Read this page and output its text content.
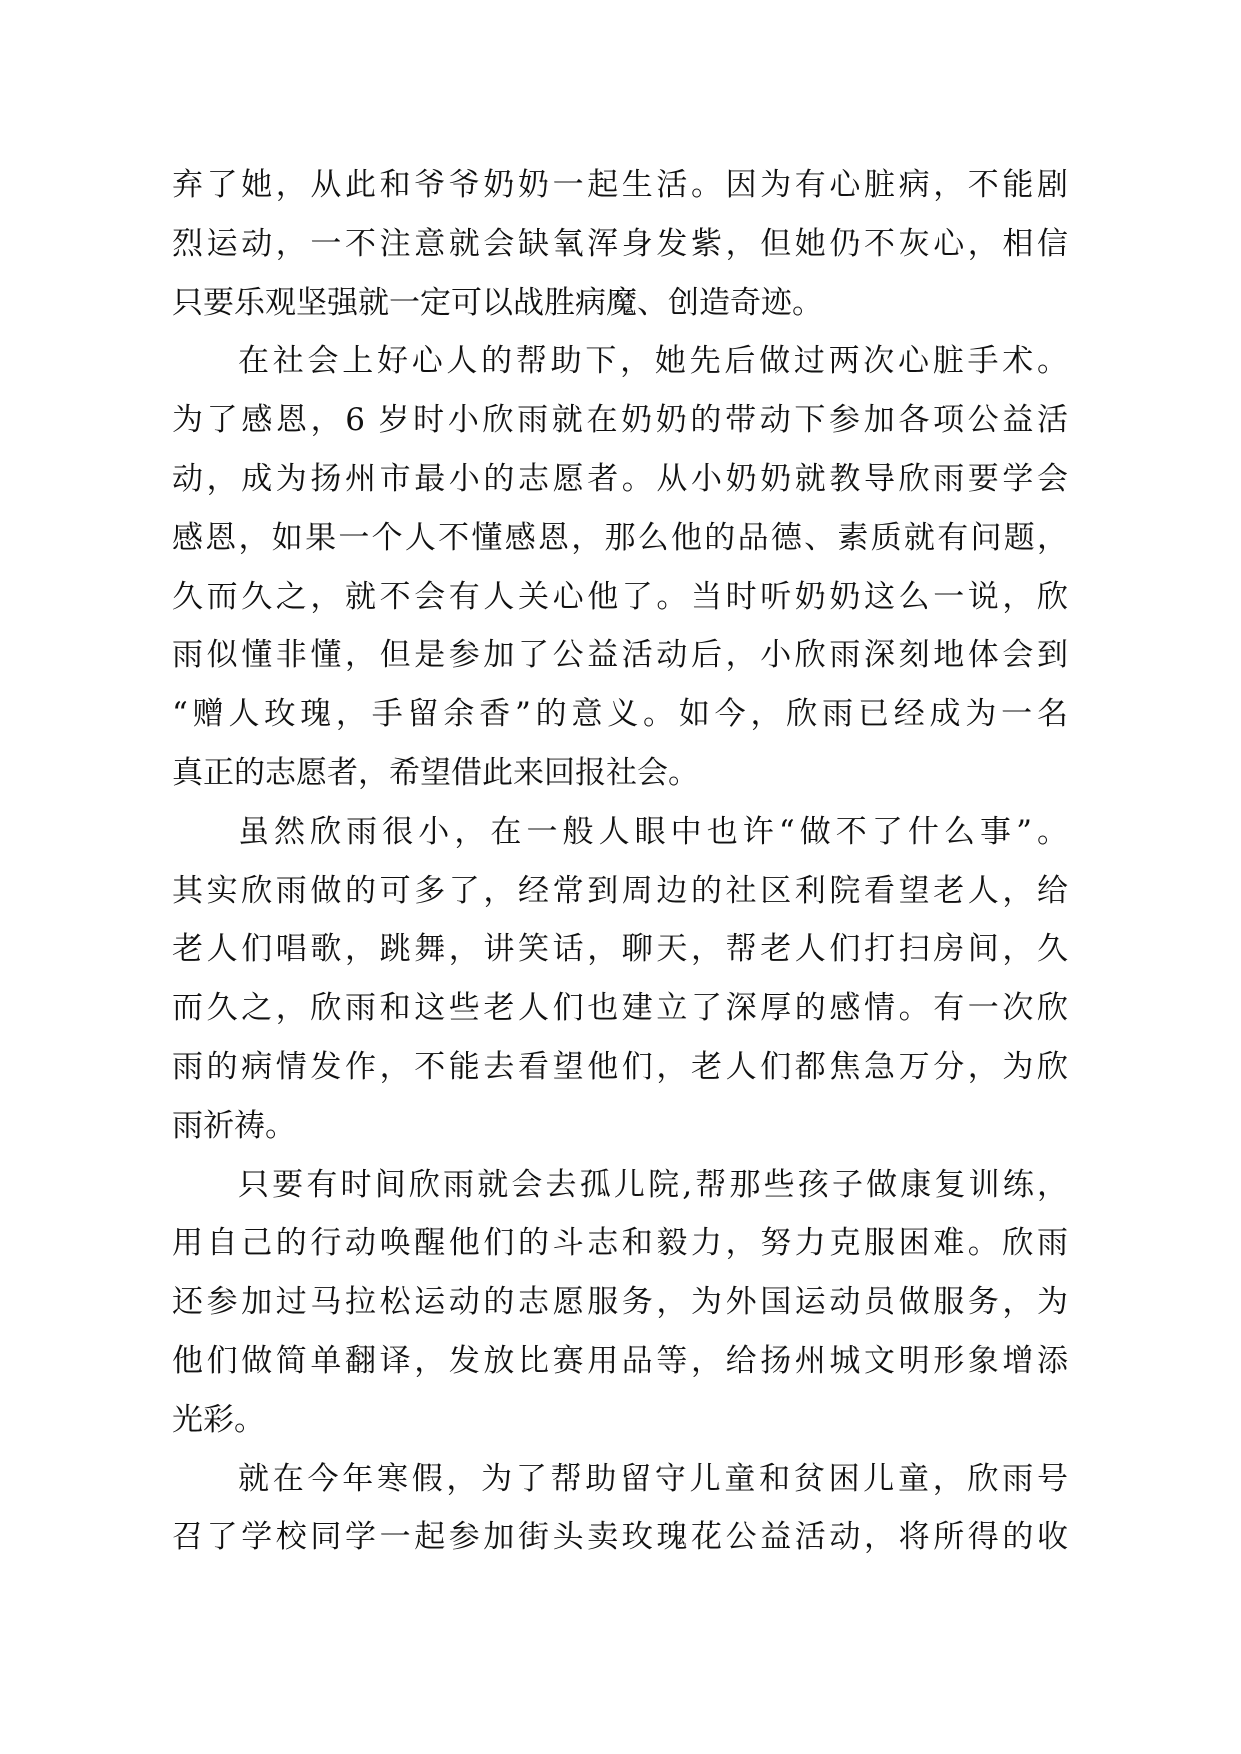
弃了她，从此和爷爷奶奶一起生活。因为有心脏病，不能剧
烈运动，一不注意就会缺氧浑身发紫，但她仍不灰心，相信
只要乐观坚强就一定可以战胜病魔、创造奇迹。
在社会上好心人的帮助下，她先后做过两次心脏手术。
为了感恩，6 岁时小欣雨就在奶奶的带动下参加各项公益活
动，成为扬州市最小的志愿者。从小奶奶就教导欣雨要学会
感恩，如果一个人不懂感恩，那么他的品德、素质就有问题，
久而久之，就不会有人关心他了。当时听奶奶这么一说，欣
雨似懂非懂，但是参加了公益活动后，小欣雨深刻地体会到
“赠人玫瑰，手留余香”的意义。如今，欣雨已经成为一名
真正的志愿者，希望借此来回报社会。
虽然欣雨很小，在一般人眼中也许“做不了什么事”。
其实欣雨做的可多了，经常到周边的社区利院看望老人，给
老人们唱歌，跳舞，讲笑话，聊天，帮老人们打扫房间，久
而久之，欣雨和这些老人们也建立了深厚的感情。有一次欣
雨的病情发作，不能去看望他们，老人们都焦急万分，为欣
雨祈祷。
只要有时间欣雨就会去孤儿院,帮那些孩子做康复训练，
用自己的行动唤醒他们的斗志和毅力，努力克服困难。欣雨
还参加过马拉松运动的志愿服务，为外国运动员做服务，为
他们做简单翻译，发放比赛用品等，给扬州城文明形象增添
光彩。
就在今年寒假，为了帮助留守儿童和贫困儿童，欣雨号
召了学校同学一起参加街头卖玫瑰花公益活动，将所得的收
